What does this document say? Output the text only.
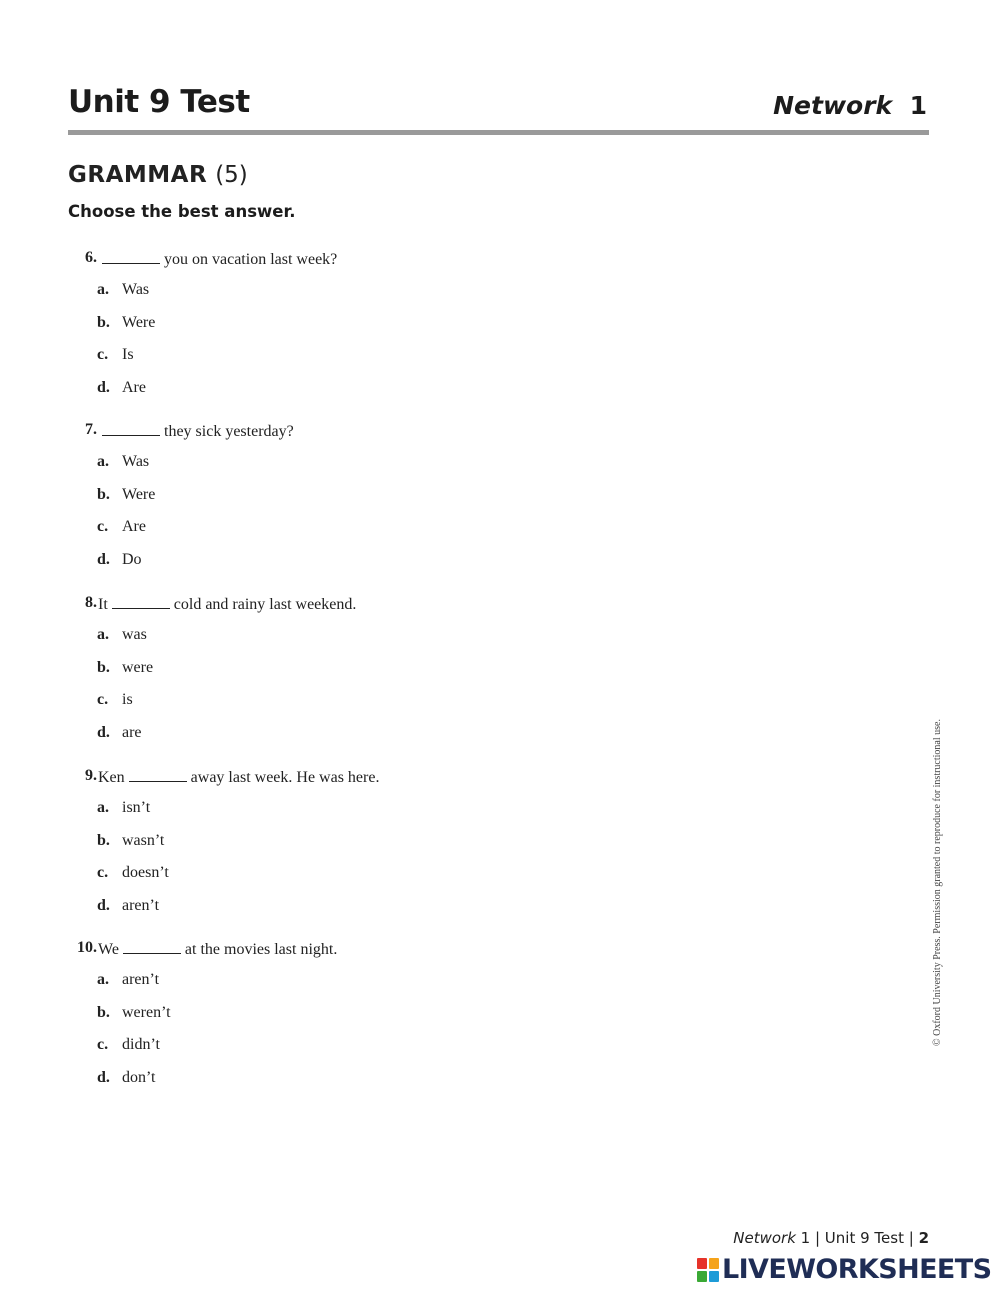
Unit 9 Test	Network 1
GRAMMAR (5)
Choose the best answer.
6.	you on vacation last week?
a. Was
b. Were
c. Is
d. Are
7.	they sick yesterday?
a. Was
b. Were
c. Are
d. Do
8. It	cold and rainy last weekend.
a. was
b. were
c. is
d. are
9. Ken	away last week. He was here.
a. isn’t
b. wasn’t
c. doesn’t
d. aren’t
10. We	at the movies last night.
a. aren’t
b. weren’t
c. didn’t
d. don’t
© Oxford University Press. Permission granted to reproduce for instructional use.
Network 1 | Unit 9 Test | 2
LIVEWORKSHEETS
